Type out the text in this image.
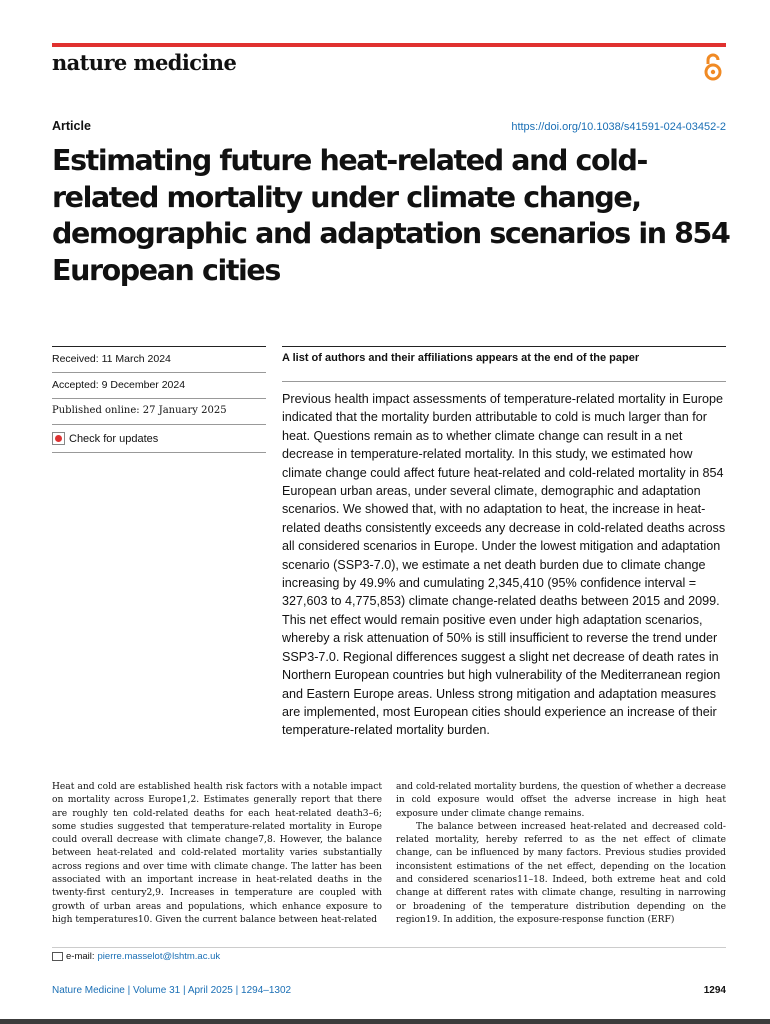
nature medicine
Article	https://doi.org/10.1038/s41591-024-03452-2
Estimating future heat-related and cold-related mortality under climate change, demographic and adaptation scenarios in 854 European cities
Received: 11 March 2024
Accepted: 9 December 2024
Published online: 27 January 2025
Check for updates
A list of authors and their affiliations appears at the end of the paper

Previous health impact assessments of temperature-related mortality in Europe indicated that the mortality burden attributable to cold is much larger than for heat. Questions remain as to whether climate change can result in a net decrease in temperature-related mortality. In this study, we estimated how climate change could affect future heat-related and cold-related mortality in 854 European urban areas, under several climate, demographic and adaptation scenarios. We showed that, with no adaptation to heat, the increase in heat-related deaths consistently exceeds any decrease in cold-related deaths across all considered scenarios in Europe. Under the lowest mitigation and adaptation scenario (SSP3-7.0), we estimate a net death burden due to climate change increasing by 49.9% and cumulating 2,345,410 (95% confidence interval = 327,603 to 4,775,853) climate change-related deaths between 2015 and 2099. This net effect would remain positive even under high adaptation scenarios, whereby a risk attenuation of 50% is still insufficient to reverse the trend under SSP3-7.0. Regional differences suggest a slight net decrease of death rates in Northern European countries but high vulnerability of the Mediterranean region and Eastern Europe areas. Unless strong mitigation and adaptation measures are implemented, most European cities should experience an increase of their temperature-related mortality burden.

Heat and cold are established health risk factors with a notable impact on mortality across Europe1,2. Estimates generally report that there are roughly ten cold-related deaths for each heat-related death3–6; some studies suggested that temperature-related mortality in Europe could overall decrease with climate change7,8. However, the balance between heat-related and cold-related mortality varies substantially across regions and over time with climate change. The latter has been associated with an important increase in heat-related deaths in the twenty-first century2,9. Increases in temperature are coupled with growth of urban areas and populations, which enhance exposure to high temperatures10. Given the current balance between heat-related

and cold-related mortality burdens, the question of whether a decrease in cold exposure would offset the adverse increase in high heat exposure under climate change remains.

The balance between increased heat-related and decreased cold-related mortality, hereby referred to as the net effect of climate change, can be influenced by many factors. Previous studies provided inconsistent estimations of the net effect, depending on the location and considered scenarios11–18. Indeed, both extreme heat and cold change at different rates with climate change, resulting in narrowing or broadening of the temperature distribution depending on the region19. In addition, the exposure-response function (ERF)

e-mail: pierre.masselot@lshtm.ac.uk
Nature Medicine | Volume 31 | April 2025 | 1294–1302	1294
